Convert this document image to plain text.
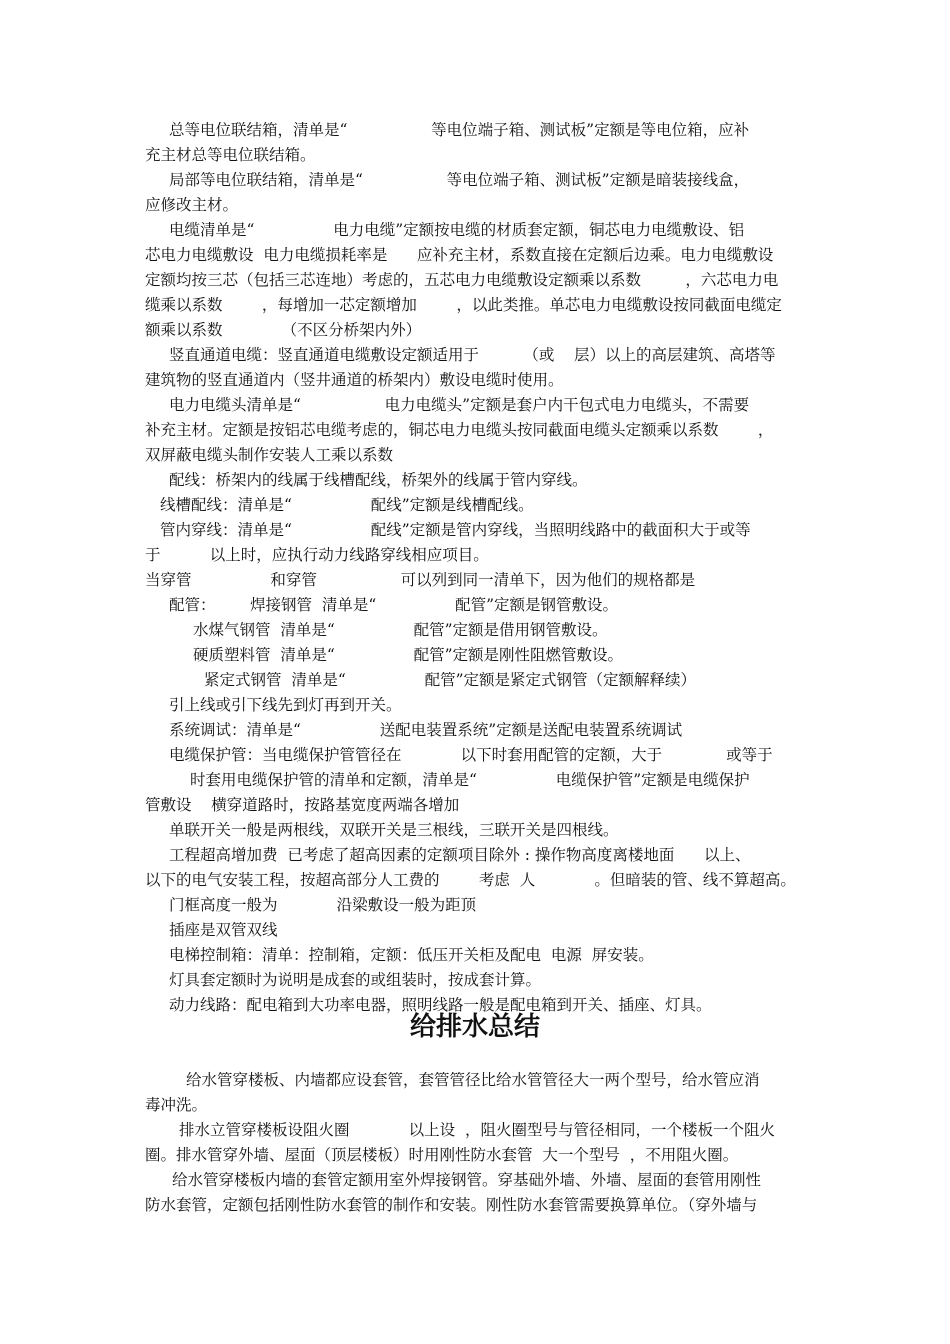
总等电位联结箱，清单是“                 等电位端子箱、测试板”定额是等电位箱，应补

充主材总等电位联结箱。

局部等电位联结箱，清单是“                 等电位端子箱、测试板”定额是暗装接线盒，

应修改主材。

电缆清单是“                电力电缆”定额按电缆的材质套定额，铜芯电力电缆敷设、铝

芯电力电缆敷设  电力电缆损耗率是      应补充主材，系数直接在定额后边乘。电力电缆敷设

定额均按三芯（包括三芯连地）考虑的，五芯电力电缆敷设定额乘以系数         ，六芯电力电

缆乘以系数        ，每增加一芯定额增加        ，以此类推。单芯电力电缆敷设按同截面电缆定

额乘以系数            （不区分桥架内外）

竖直通道电缆：竖直通道电缆敷设定额适用于         （或    层）以上的高层建筑、高塔等

建筑物的竖直通道内（竖井通道的桥架内）敷设电缆时使用。

电力电缆头清单是“                 电力电缆头”定额是套户内干包式电力电缆头，不需要

补充主材。定额是按铝芯电缆考虑的，铜芯电力电缆头按同截面电缆头定额乘以系数        ，

双屏蔽电缆头制作安装人工乘以系数

配线：桥架内的线属于线槽配线，桥架外的线属于管内穿线。

线槽配线：清单是“                配线”定额是线槽配线。

管内穿线：清单是“                配线”定额是管内穿线，当照明线路中的截面积大于或等

于          以上时，应执行动力线路穿线相应项目。

当穿管                和穿管                 可以列到同一清单下，因为他们的规格都是

配管：       焊接钢管  清单是“                配管”定额是钢管敷设。

水煤气钢管  清单是“                配管”定额是借用钢管敷设。

硬质塑料管  清单是“                配管”定额是刚性阻燃管敷设。

紧定式钢管  清单是“                配管”定额是紧定式钢管（定额解释续）

引上线或引下线先到灯再到开关。

系统调试：清单是“                送配电装置系统”定额是送配电装置系统调试

电缆保护管：当电缆保护管管径在            以下时套用配管的定额，大于             或等于

时套用电缆保护管的清单和定额，清单是“                电缆保护管”定额是电缆保护

管敷设    横穿道路时，按路基宽度两端各增加

单联开关一般是两根线，双联开关是三根线，三联开关是四根线。

工程超高增加费  已考虑了超高因素的定额项目除外 : 操作物高度离楼地面      以上、

以下的电气安装工程，按超高部分人工费的        考虑  人            。但暗装的管、线不算超高。

门框高度一般为            沿梁敷设一般为距顶

插座是双管双线

电梯控制箱：清单：控制箱，定额：低压开关柜及配电  电源  屏安装。

灯具套定额时为说明是成套的或组装时，按成套计算。

动力线路：配电箱到大功率电器，照明线路一般是配电箱到开关、插座、灯具。

给排水总结

给水管穿楼板、内墙都应设套管，套管管径比给水管管径大一两个型号，给水管应消

毒冲洗。

排水立管穿楼板设阻火圈            以上设  ，阻火圈型号与管径相同，一个楼板一个阻火

圈。排水管穿外墙、屋面（顶层楼板）时用刚性防水套管  大一个型号  ，不用阻火圈。

给水管穿楼板内墙的套管定额用室外焊接钢管。穿基础外墙、外墙、屋面的套管用刚性

防水套管，定额包括刚性防水套管的制作和安装。刚性防水套管需要换算单位。（穿外墙与
